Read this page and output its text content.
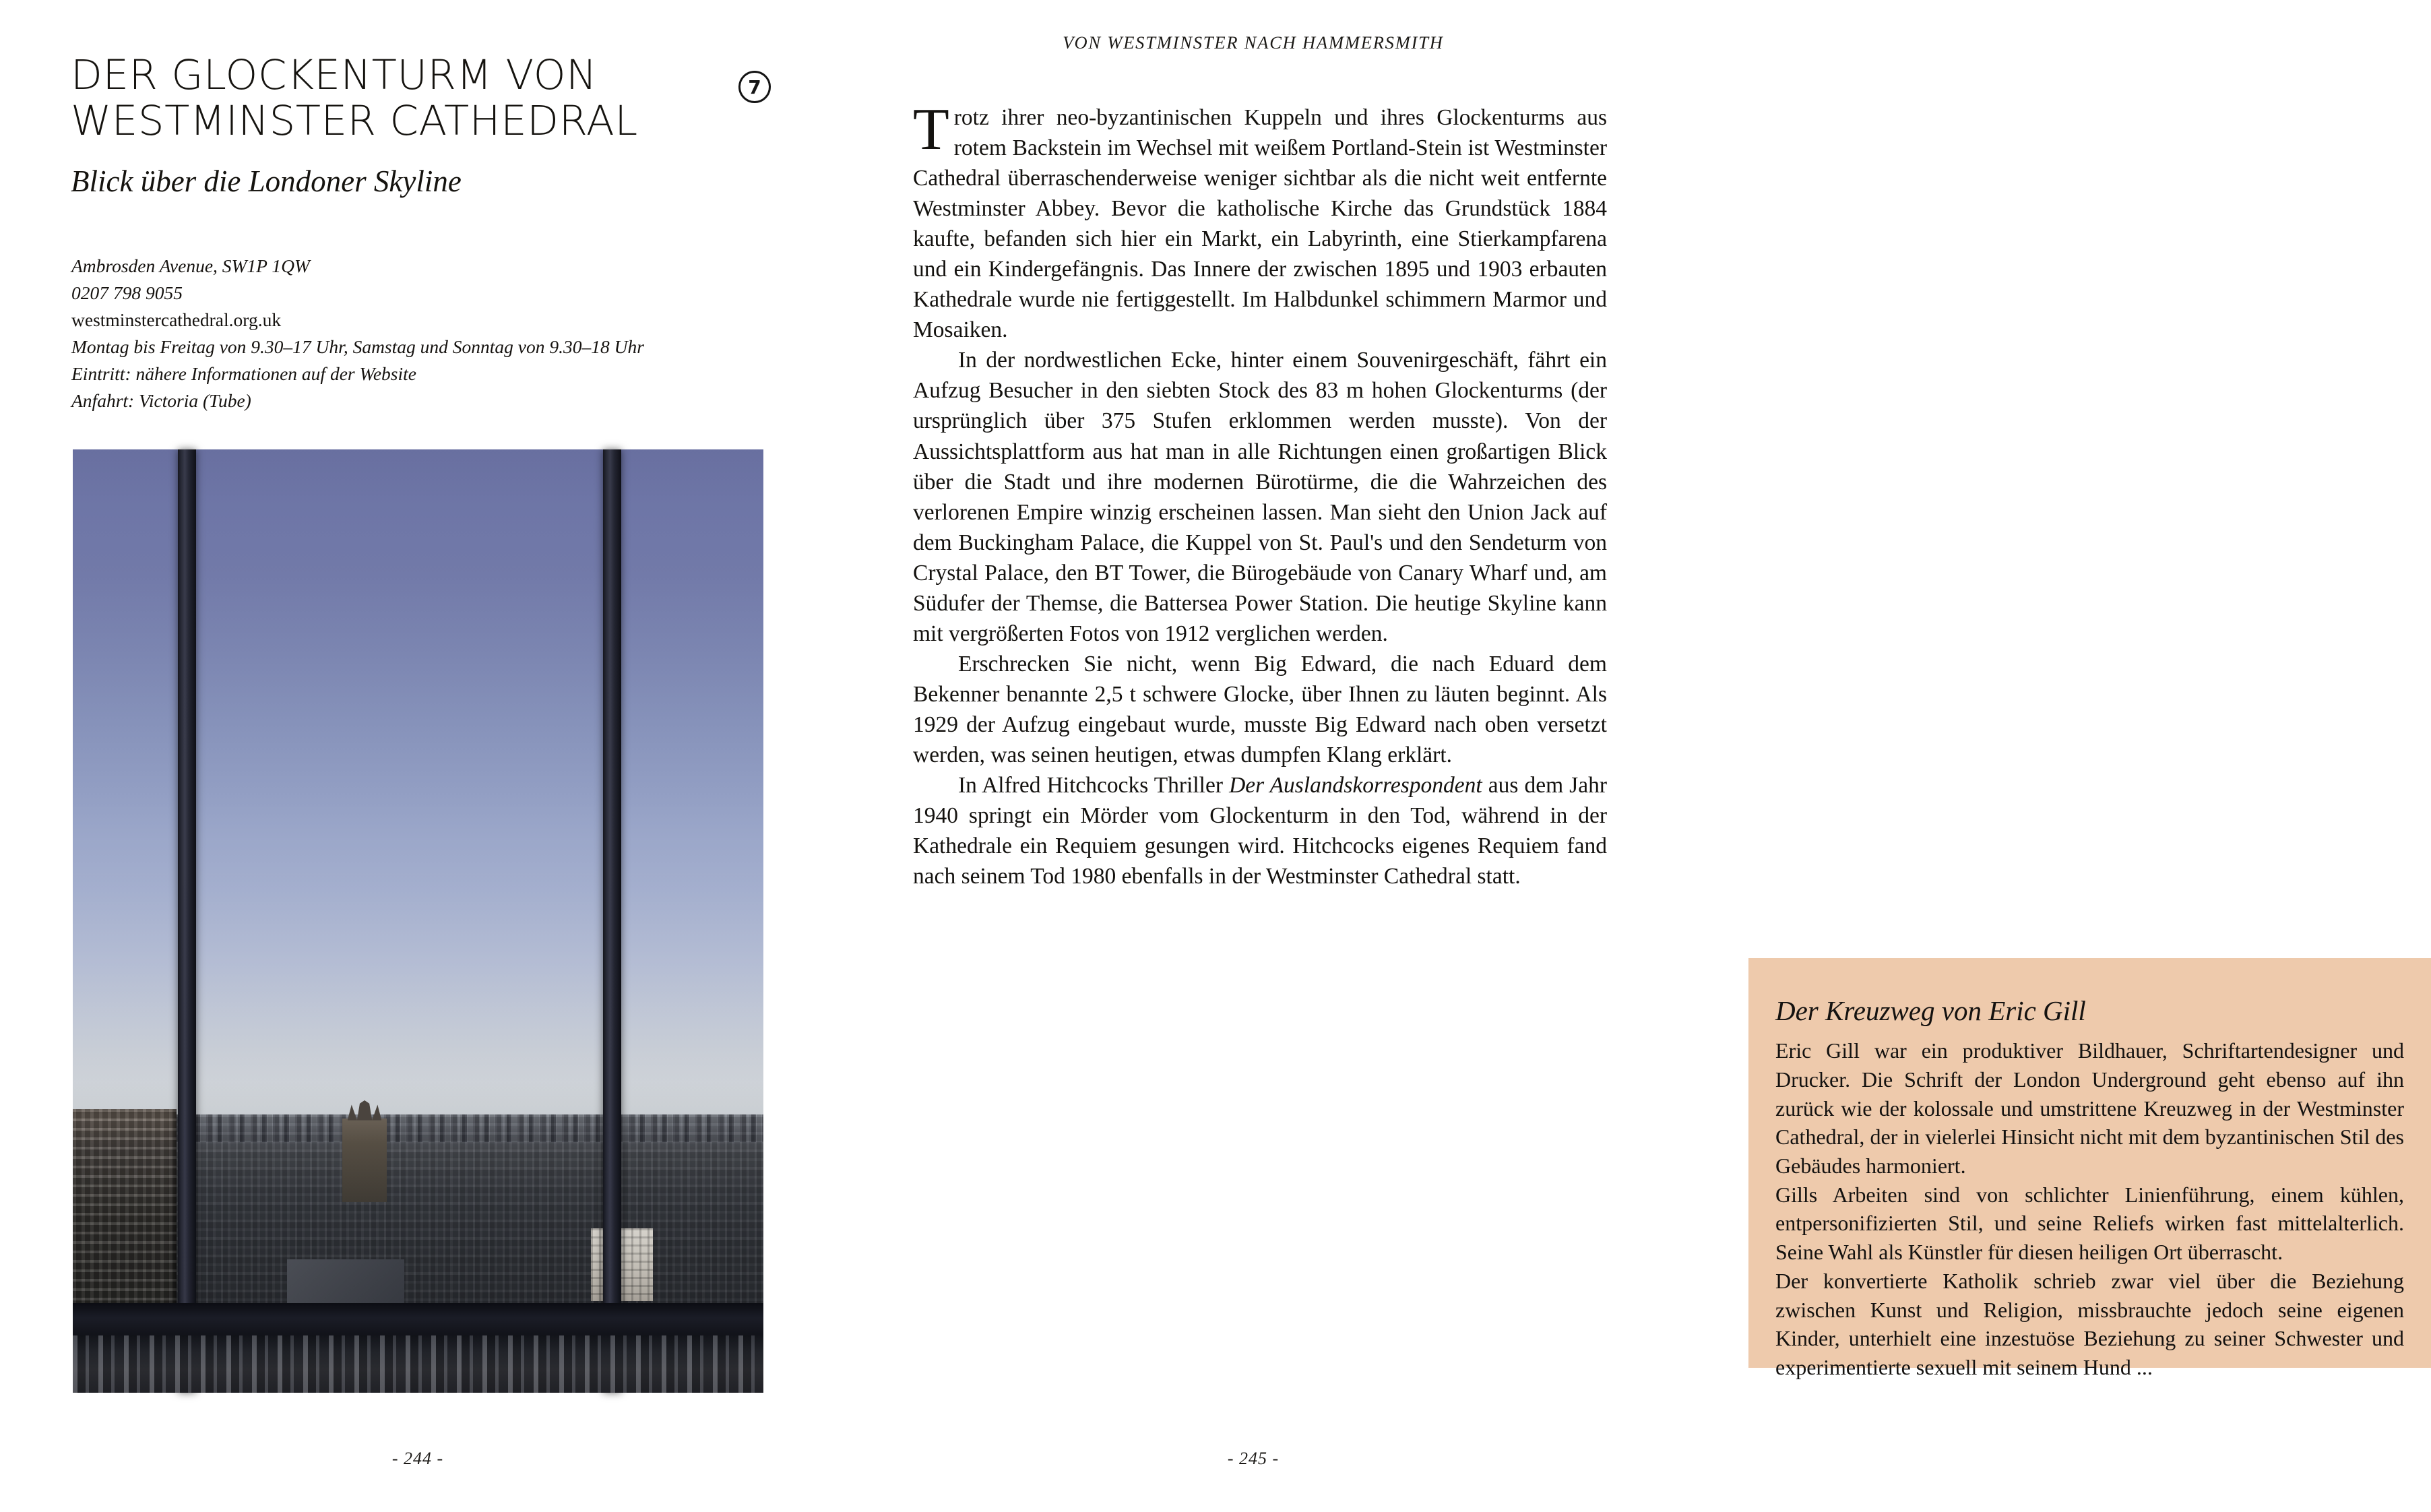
DER GLOCKENTURM VON WESTMINSTER CATHEDRAL
Blick über die Londoner Skyline
7
Ambrosden Avenue, SW1P 1QW
0207 798 9055
westminstercathedral.org.uk
Montag bis Freitag von 9.30–17 Uhr, Samstag und Sonntag von 9.30–18 Uhr
Eintritt: nähere Informationen auf der Website
Anfahrt: Victoria (Tube)
- 244 -
VON WESTMINSTER NACH HAMMERSMITH

Trotz ihrer neo-byzantinischen Kuppeln und ihres Glockenturms aus rotem Backstein im Wechsel mit weißem Portland-Stein ist Westminster Cathedral überraschenderweise weniger sichtbar als die nicht weit entfernte Westminster Abbey. Bevor die katholische Kirche das Grundstück 1884 kaufte, befanden sich hier ein Markt, ein Labyrinth, eine Stierkampfarena und ein Kindergefängnis. Das Innere der zwischen 1895 und 1903 erbauten Kathedrale wurde nie fertiggestellt. Im Halbdunkel schimmern Marmor und Mosaiken.

In der nordwestlichen Ecke, hinter einem Souvenirgeschäft, fährt ein Aufzug Besucher in den siebten Stock des 83 m hohen Glockenturms (der ursprünglich über 375 Stufen erklommen werden musste). Von der Aussichtsplattform aus hat man in alle Richtungen einen großartigen Blick über die Stadt und ihre modernen Bürotürme, die die Wahrzeichen des verlorenen Empire winzig erscheinen lassen. Man sieht den Union Jack auf dem Buckingham Palace, die Kuppel von St. Paul's und den Sendeturm von Crystal Palace, den BT Tower, die Bürogebäude von Canary Wharf und, am Südufer der Themse, die Battersea Power Station. Die heutige Skyline kann mit vergrößerten Fotos von 1912 verglichen werden.

Erschrecken Sie nicht, wenn Big Edward, die nach Eduard dem Bekenner benannte 2,5 t schwere Glocke, über Ihnen zu läuten beginnt. Als 1929 der Aufzug eingebaut wurde, musste Big Edward nach oben versetzt werden, was seinen heutigen, etwas dumpfen Klang erklärt.

In Alfred Hitchcocks Thriller Der Auslandskorrespondent aus dem Jahr 1940 springt ein Mörder vom Glockenturm in den Tod, während in der Kathedrale ein Requiem gesungen wird. Hitchcocks eigenes Requiem fand nach seinem Tod 1980 ebenfalls in der Westminster Cathedral statt.

Der Kreuzweg von Eric Gill

Eric Gill war ein produktiver Bildhauer, Schriftartendesigner und Drucker. Die Schrift der London Underground geht ebenso auf ihn zurück wie der kolossale und umstrittene Kreuzweg in der Westminster Cathedral, der in vielerlei Hinsicht nicht mit dem byzantinischen Stil des Gebäudes harmoniert.

Gills Arbeiten sind von schlichter Linienführung, einem kühlen, entpersonifizierten Stil, und seine Reliefs wirken fast mittelalterlich. Seine Wahl als Künstler für diesen heiligen Ort überrascht.

Der konvertierte Katholik schrieb zwar viel über die Beziehung zwischen Kunst und Religion, missbrauchte jedoch seine eigenen Kinder, unterhielt eine inzestuöse Beziehung zu seiner Schwester und experimentierte sexuell mit seinem Hund ...

- 245 -
